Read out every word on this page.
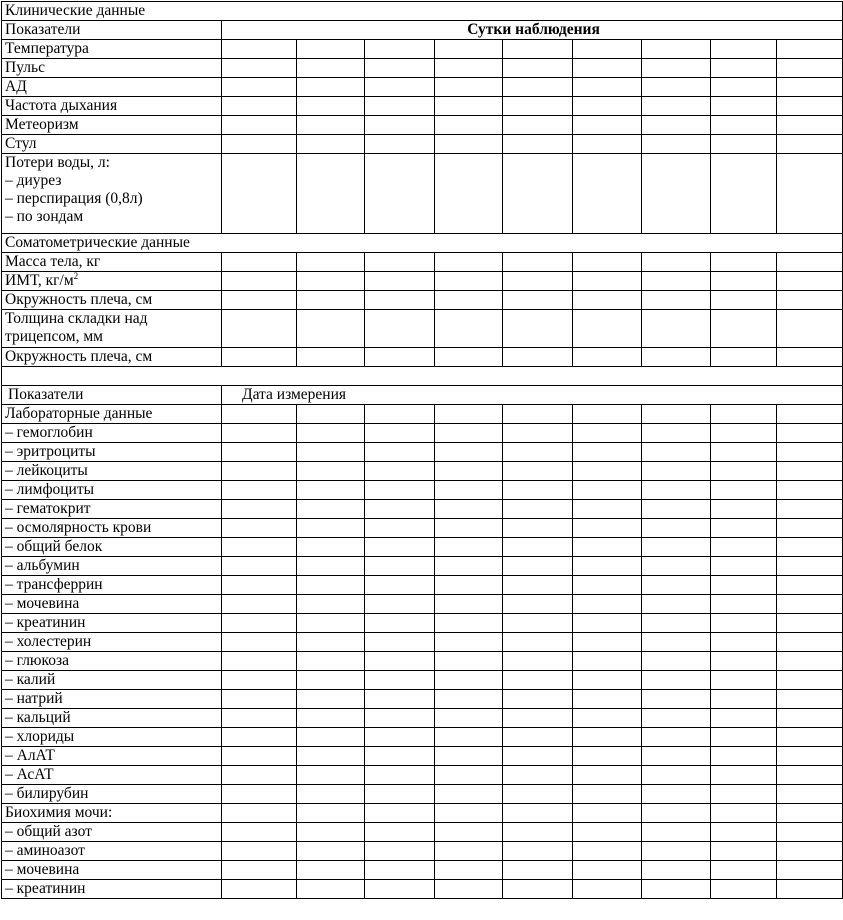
Клинические данные									
Показатели	Сутки наблюдения								
Температура									
Пульс									
АД									
Частота дыхания									
Метеоризм									
Стул									
Потери воды, л:
– диурез
– перспирация (0,8л)
– по зондам									
Соматометрические данные									
Масса тела, кг									
ИМТ, $кг/м^2$									
Окружность плеча, см									
Толщина складки над
трицепсом, мм									
Окружность плеча, см									

Показатели	Дата измерения								
Лабораторные данные									
– гемоглобин									
– эритроциты									
– лейкоциты									
– лимфоциты									
– гематокрит									
– осмолярность крови									
– общий белок									
– альбумин									
– трансферрин									
– мочевина									
– креатинин									
– холестерин									
– глюкоза									
– калий									
– натрий									
– кальций									
– хлориды									
– АлАТ									
– АсАТ									
– билирубин									
Биохимия мочи:									
– общий азот									
– аминоазот									
– мочевина									
– креатинин									
